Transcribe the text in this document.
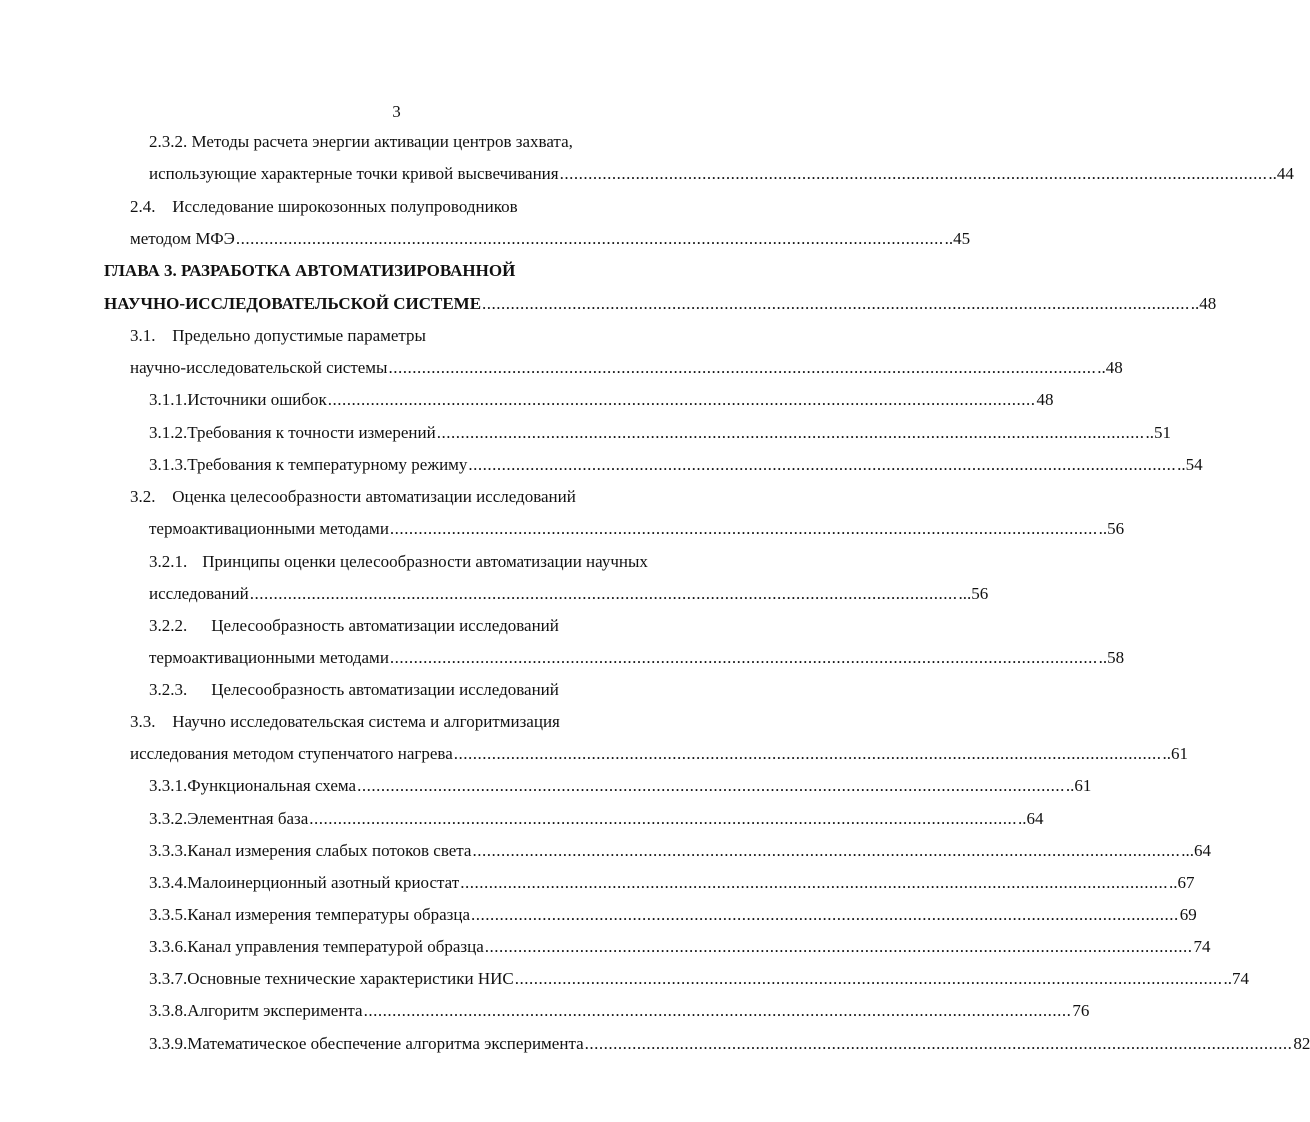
3
2.3.2. Методы расчета энергии активации центров захвата,
использующие характерные точки кривой высвечивания ..................................................................................................................................................... ..44
2.4. Исследование широкозонных полупроводников
методом МФЭ ..................................................................................................................................................... ..45
ГЛАВА 3. РАЗРАБОТКА АВТОМАТИЗИРОВАННОЙ
НАУЧНО-ИССЛЕДОВАТЕЛЬСКОЙ СИСТЕМЕ ..................................................................................................................................................... ..48
3.1. Предельно допустимые параметры
научно-исследовательской системы ..................................................................................................................................................... ..48
3.1.1. Источники ошибок ..................................................................................................................................................... 48
3.1.2. Требования к точности измерений ..................................................................................................................................................... ..51
3.1.3. Требования к температурному режиму ..................................................................................................................................................... ..54
3.2. Оценка целесообразности автоматизации исследований
термоактивационными методами ..................................................................................................................................................... ..56
3.2.1. Принципы оценки целесообразности автоматизации научных
исследований ..................................................................................................................................................... ...56
3.2.2. Целесообразность автоматизации исследований
термоактивационными методами ..................................................................................................................................................... ..58
3.2.3. Целесообразность автоматизации исследований
3.3. Научно исследовательская система и алгоритмизация
исследования методом ступенчатого нагрева ..................................................................................................................................................... ..61
3.3.1. Функциональная схема ..................................................................................................................................................... ..61
3.3.2. Элементная база ..................................................................................................................................................... ..64
3.3.3. Канал измерения слабых потоков света ..................................................................................................................................................... ...64
3.3.4. Малоинерционный азотный криостат ..................................................................................................................................................... ..67
3.3.5. Канал измерения температуры образца ..................................................................................................................................................... 69
3.3.6. Канал управления температурой образца ..................................................................................................................................................... 74
3.3.7. Основные технические характеристики НИС ..................................................................................................................................................... ..74
3.3.8. Алгоритм эксперимента ..................................................................................................................................................... 76
3.3.9. Математическое обеспечение алгоритма эксперимента ..................................................................................................................................................... 82
